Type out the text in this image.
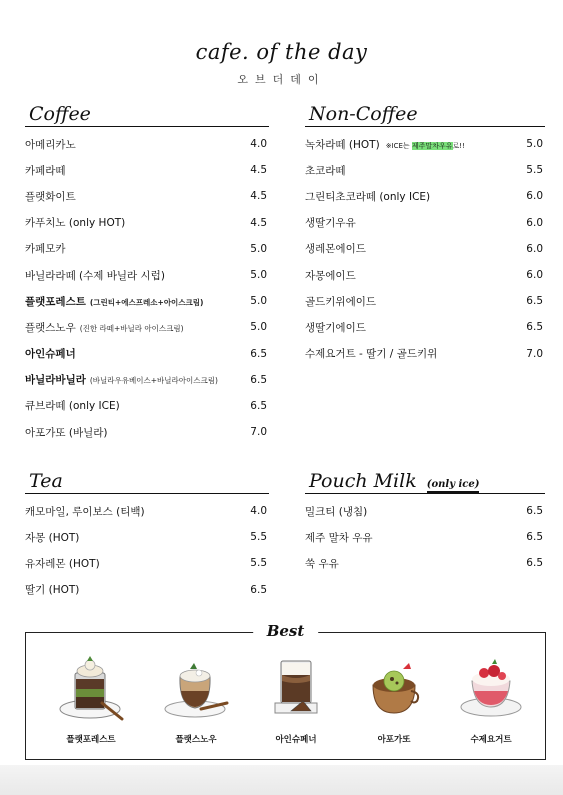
cafe. of the day
오브더데이
Coffee
아메리카노	4.0
카페라떼	4.5
플랫화이트	4.5
카푸치노 (only HOT)	4.5
카페모카	5.0
바닐라라떼 (수제 바닐라 시럽)	5.0
플랫포레스트 (그린티+에스프레소+아이스크림)	5.0
플랫스노우 (진한 라떼+바닐라 아이스크림)	5.0
아인슈페너	6.5
바닐라바닐라 (바닐라우유베이스+바닐라아이스크림)	6.5
큐브라떼 (only ICE)	6.5
아포가또 (바닐라)	7.0
Non-Coffee
녹차라떼 (HOT) ※ICE는 제주말차우유로!!	5.0
초코라떼	5.5
그린티초코라떼 (only ICE)	6.0
생딸기우유	6.0
생레몬에이드	6.0
자몽에이드	6.0
골드키위에이드	6.5
생딸기에이드	6.5
수제요거트 - 딸기 / 골드키위	7.0
Tea
캐모마일, 루이보스 (티백)	4.0
자몽 (HOT)	5.5
유자레몬 (HOT)	5.5
딸기 (HOT)	6.5
Pouch Milk (only ice)
밀크티 (냉침)	6.5
제주 말차 우유	6.5
쑥 우유	6.5
Best
플랫포레스트	플랫스노우	아인슈페너	아포가또	수제요거트
